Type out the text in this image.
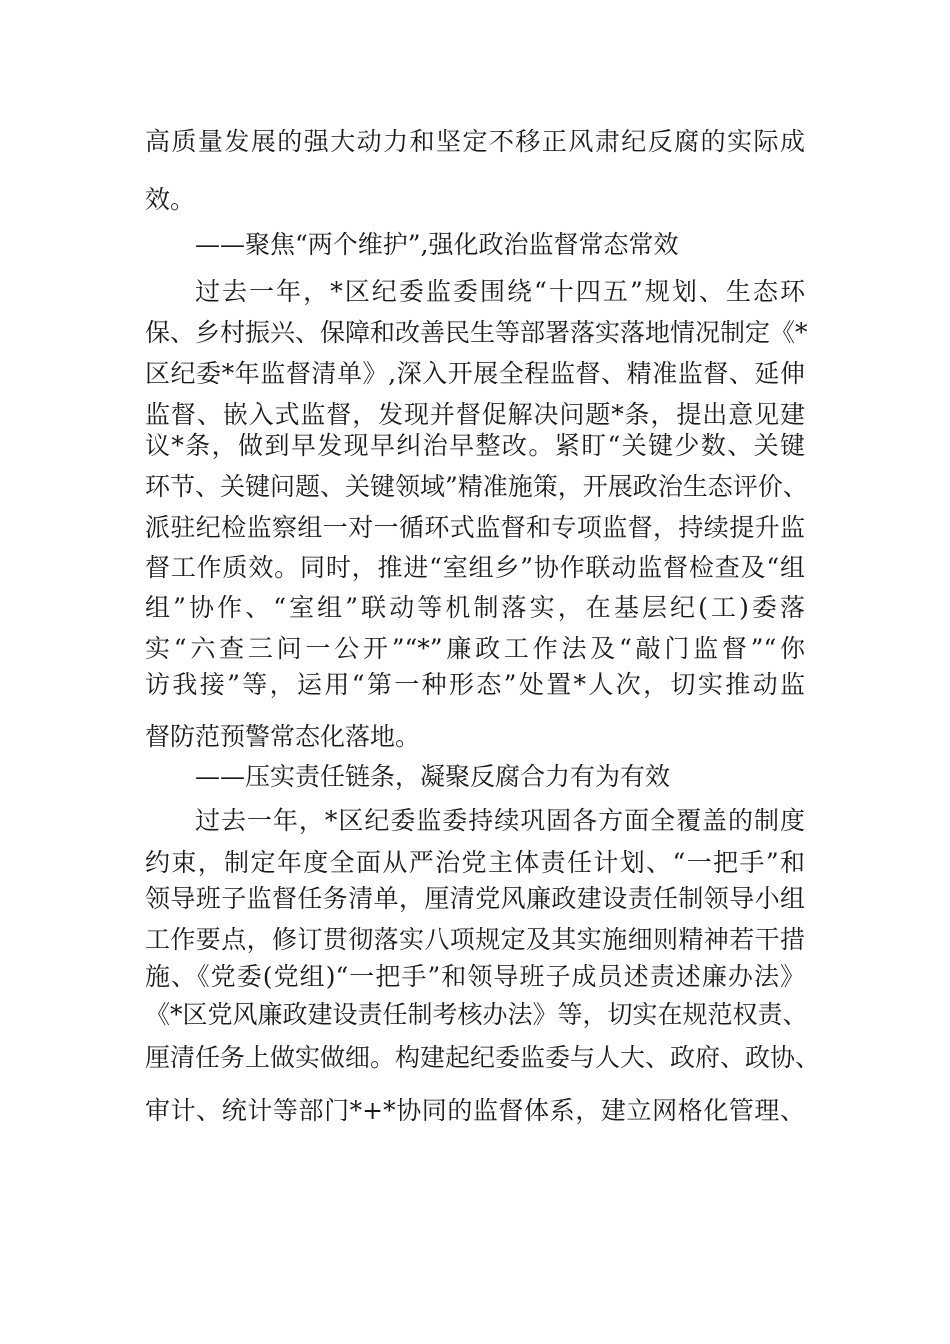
高质量发展的强大动力和坚定不移正风肃纪反腐的实际成
效。
——聚焦“两个维护”,强化政治监督常态常效
过去一年，*区纪委监委围绕“十四五”规划、生态环
保、乡村振兴、保障和改善民生等部署落实落地情况制定《*
区纪委*年监督清单》,深入开展全程监督、精准监督、延伸
监督、嵌入式监督，发现并督促解决问题*条，提出意见建
议*条，做到早发现早纠治早整改。紧盯“关键少数、关键
环节、关键问题、关键领域”精准施策，开展政治生态评价、
派驻纪检监察组一对一循环式监督和专项监督，持续提升监
督工作质效。同时，推进“室组乡”协作联动监督检查及“组
组”协作、“室组”联动等机制落实，在基层纪(工)委落
实“六查三问一公开”“*”廉政工作法及“敲门监督”“你
访我接”等，运用“第一种形态”处置*人次，切实推动监
督防范预警常态化落地。
——压实责任链条，凝聚反腐合力有为有效
过去一年，*区纪委监委持续巩固各方面全覆盖的制度
约束，制定年度全面从严治党主体责任计划、“一把手”和
领导班子监督任务清单，厘清党风廉政建设责任制领导小组
工作要点，修订贯彻落实八项规定及其实施细则精神若干措
施、《党委(党组)“一把手”和领导班子成员述责述廉办法》
《*区党风廉政建设责任制考核办法》等，切实在规范权责、
厘清任务上做实做细。构建起纪委监委与人大、政府、政协、
审计、统计等部门*+*协同的监督体系，建立网格化管理、
